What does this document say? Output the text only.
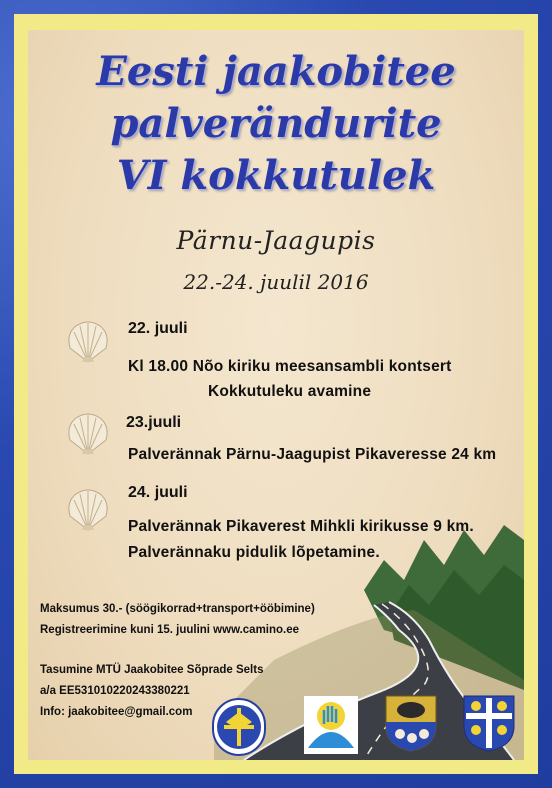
Eesti jaakobitee
palverändurite
VI kokkutulek
Pärnu-Jaagupis
22.-24. juulil 2016
22. juuli
Kl 18.00 Nõo kiriku meesansambli kontsert
Kokkutuleku avamine
23.juuli
Palverännak Pärnu-Jaagupist Pikaveresse 24 km
24. juuli
Palverännak Pikaverest Mihkli kirikusse 9 km.
Palverännaku pidulik lõpetamine.
Maksumus 30.- (söögikorrad+transport+ööbimine)
Registreerimine kuni 15. juulini www.camino.ee
Tasumine MTÜ Jaakobitee Sõprade Selts
a/a EE531010220243380221
Info: jaakobitee@gmail.com
